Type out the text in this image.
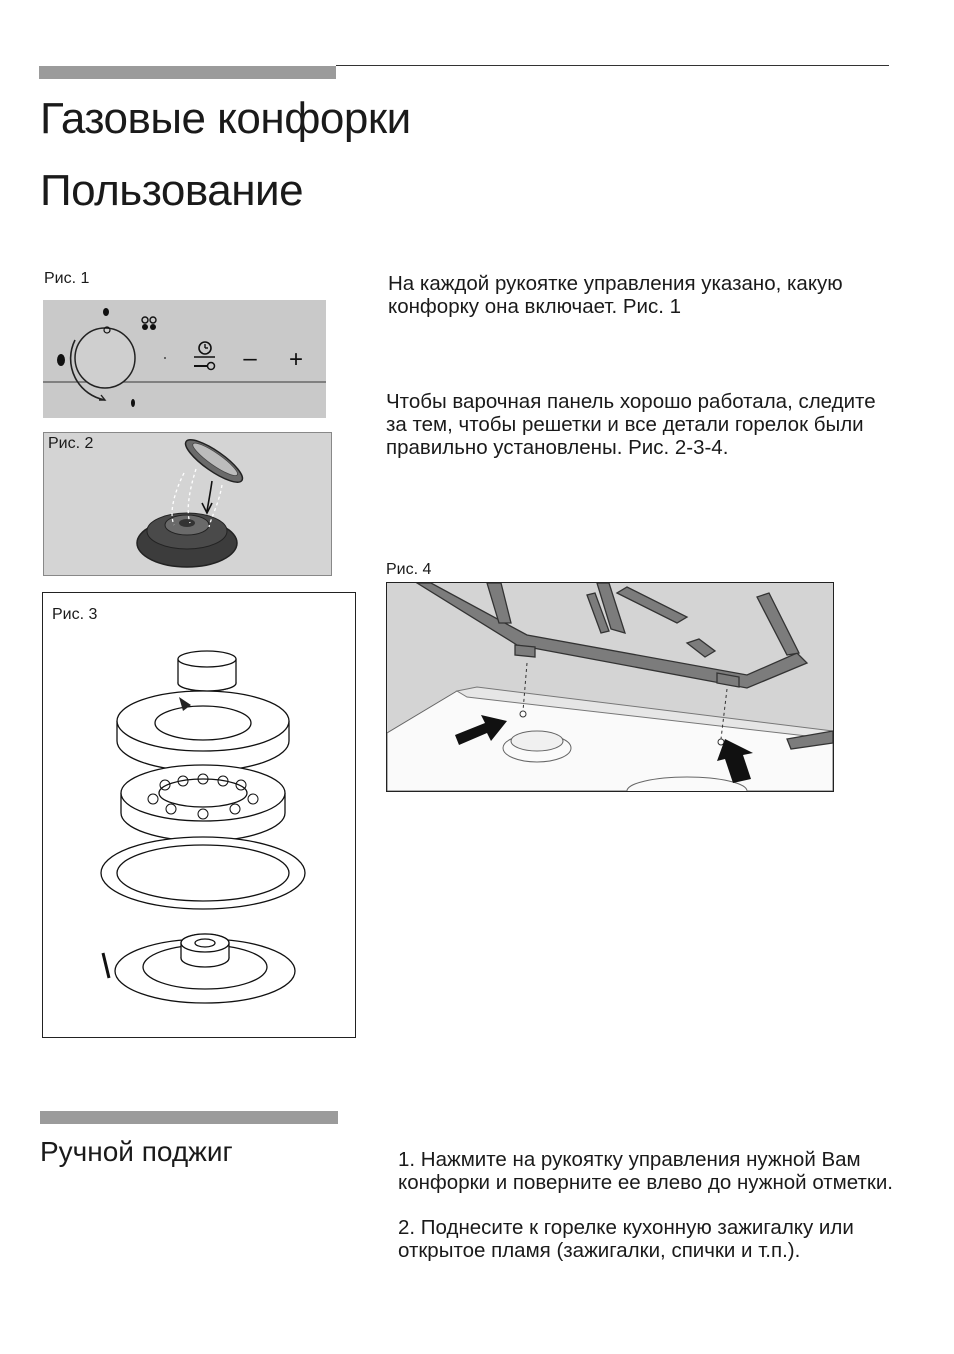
Газовые конфорки
Пользование
Рис. 1
– +
Рис. 2
Рис. 3

На каждой рукоятке управления указано, какую конфорку она включает. Рис. 1

Чтобы варочная панель хорошо работала, следите за тем, чтобы решетки и все детали горелок были правильно установлены. Рис. 2-3-4.

Рис. 4
Ручной поджиг	1. Нажмите на рукоятку управления нужной Вам конфорки и поверните ее влево до нужной отметки.

2. Поднесите к горелке кухонную зажигалку или открытое пламя (зажигалки, спички и т.п.).
